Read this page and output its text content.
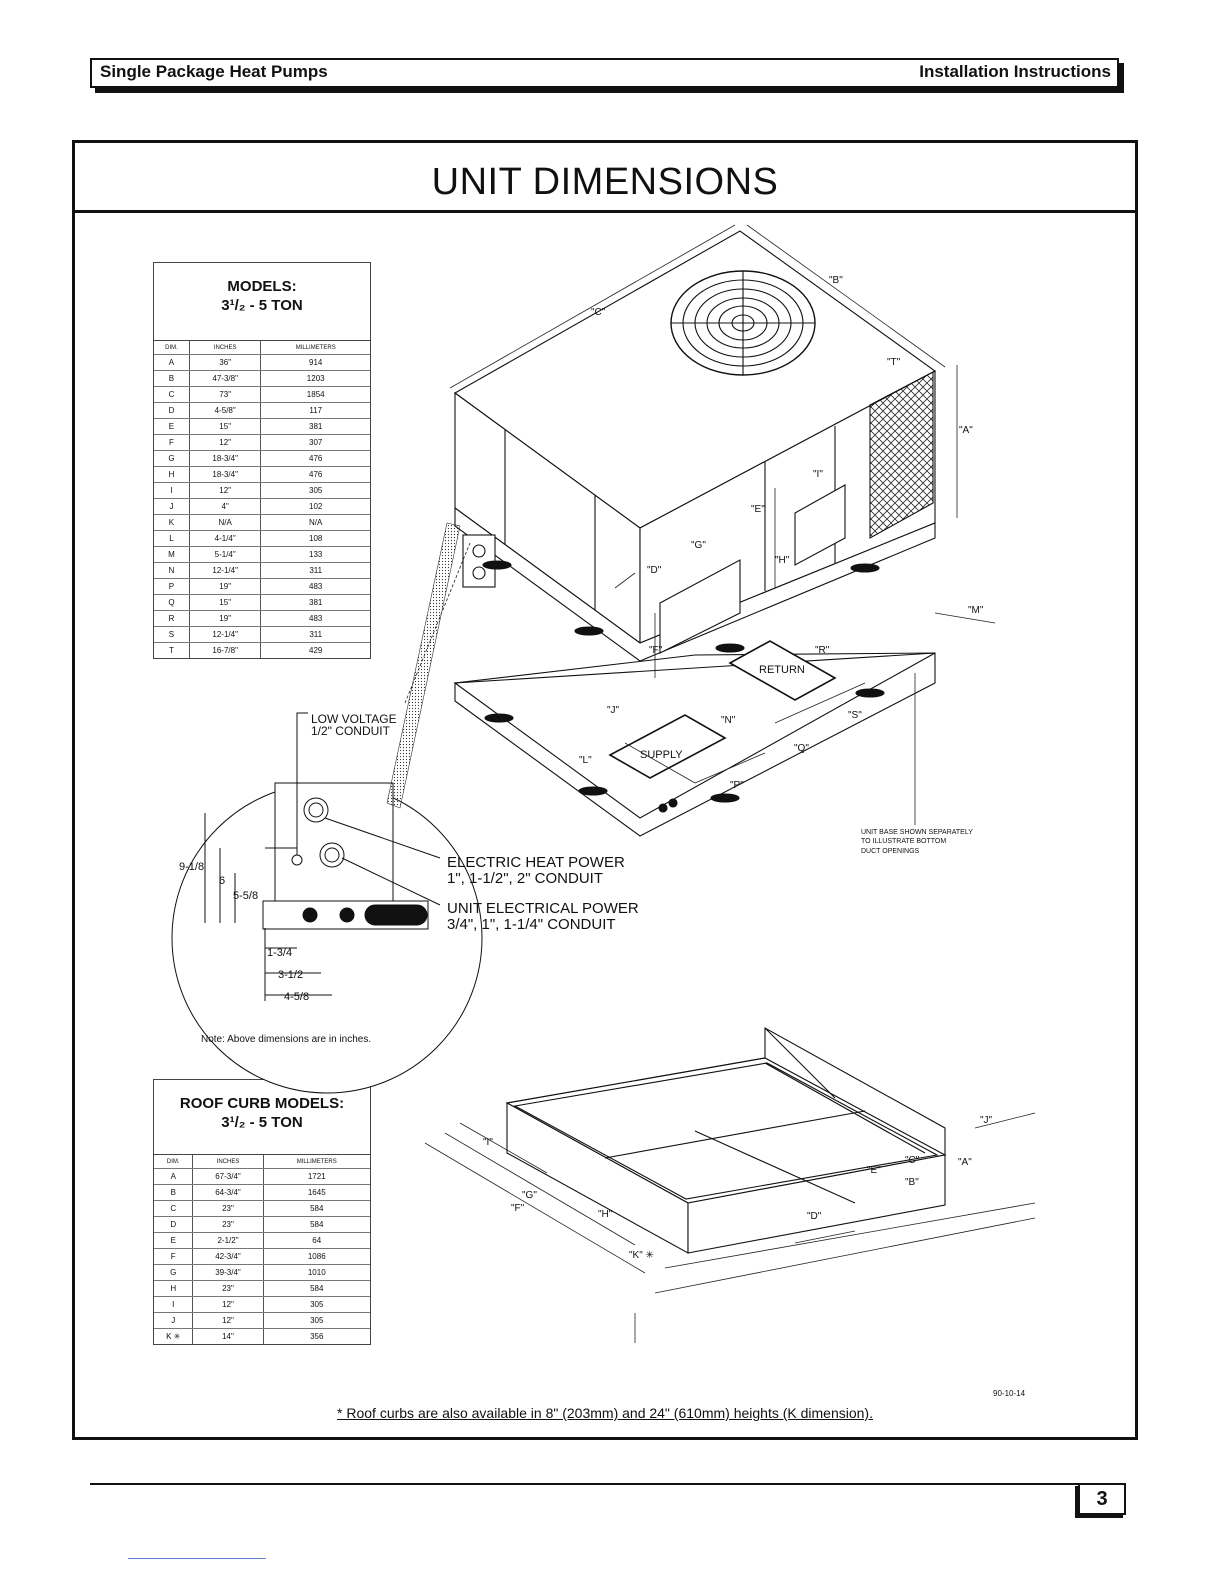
Single Package Heat Pumps	Installation Instructions
UNIT DIMENSIONS
MODELS:
3¹/₂ - 5 TON
DIM.	INCHES	MILLIMETERS
A	36"	914
B	47-3/8"	1203
C	73"	1854
D	4-5/8"	117
E	15"	381
F	12"	307
G	18-3/4"	476
H	18-3/4"	476
I	12"	305
J	4"	102
K	N/A	N/A
L	4-1/4"	108
M	5-1/4"	133
N	12-1/4"	311
P	19"	483
Q	15"	381
R	19"	483
S	12-1/4"	311
T	16-7/8"	429
ROOF CURB MODELS:
3¹/₂ - 5 TON
DIM.	INCHES	MILLIMETERS
A	67-3/4"	1721
B	64-3/4"	1645
C	23"	584
D	23"	584
E	2-1/2"	64
F	42-3/4"	1086
G	39-3/4"	1010
H	23"	584
I	12"	305
J	12"	305
K ✳	14"	356
"C"
"B"
"T"
"A"
"I"
"E"
"G"
"H"
"D"
"F"
"J"
"M"
"R"
"N"	"S"
"Q"
"L"
"P"
RETURN
SUPPLY
UNIT BASE SHOWN SEPARATELY
TO ILLUSTRATE BOTTOM
DUCT OPENINGS
LOW VOLTAGE
1/2" CONDUIT
ELECTRIC HEAT POWER
1", 1-1/2", 2" CONDUIT
UNIT ELECTRICAL POWER
3/4", 1", 1-1/4" CONDUIT
9-1/8
6
5-5/8
1-3/4
3-1/2
4-5/8
"I"
"G"
"F"
"H"
"K" ✳
"D"
"E"
"C"
"B"
"A"
"J"
Note: Above dimensions are in inches.
90-10-14
* Roof curbs are also available in 8" (203mm) and 24" (610mm) heights (K dimension).
3
